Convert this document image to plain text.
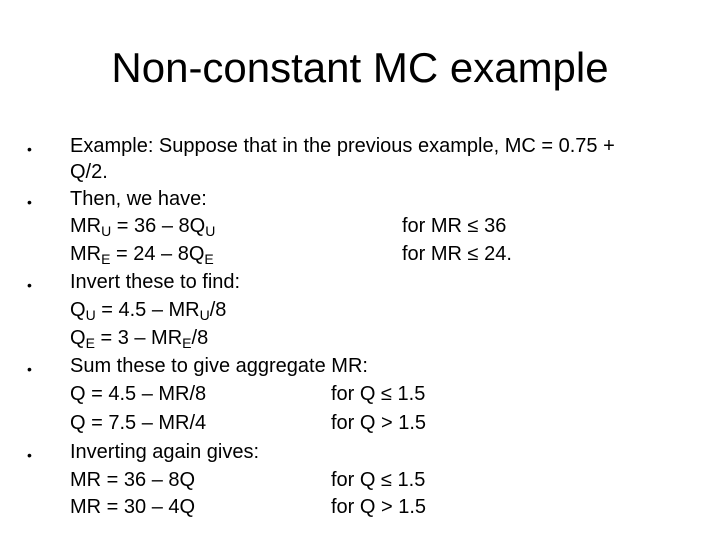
Non-constant MC example
•	Example: Suppose that in the previous example, MC = 0.75 +
Q/2.
•	Then, we have:
$MR_U = 36 - 8Q_U$	for MR ≤ 36
$MR_E = 24 - 8Q_E$	for MR ≤ 24.
•	Invert these to find:
$Q_U = 4.5 - MR_U/8$
$Q_E = 3 - MR_E/8$
•	Sum these to give aggregate MR:
Q = 4.5 – MR/8	for Q ≤ 1.5
Q = 7.5 – MR/4	for Q > 1.5
•	Inverting again gives:
MR = 36 – 8Q	for Q ≤ 1.5
MR = 30 – 4Q	for Q > 1.5
